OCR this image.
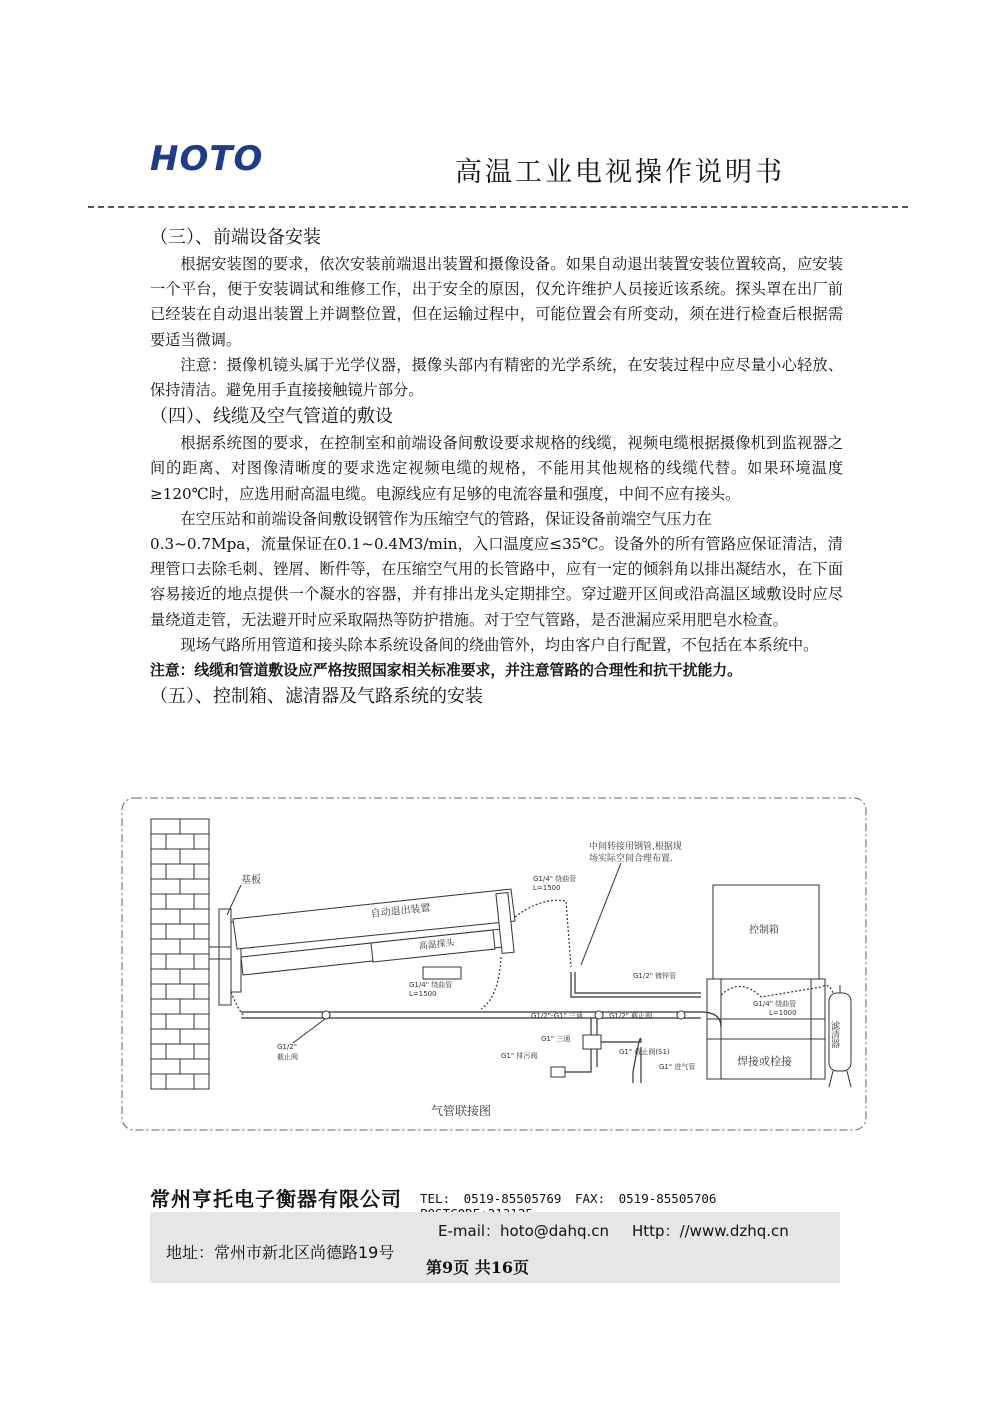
HOTO	高温工业电视操作说明书

（三）、前端设备安装

根据安装图的要求，依次安装前端退出装置和摄像设备。如果自动退出装置安装位置较高，应安装一个平台，便于安装调试和维修工作，出于安全的原因，仅允许维护人员接近该系统。探头罩在出厂前已经装在自动退出装置上并调整位置，但在运输过程中，可能位置会有所变动，须在进行检查后根据需要适当微调。

注意：摄像机镜头属于光学仪器，摄像头部内有精密的光学系统，在安装过程中应尽量小心轻放、保持清洁。避免用手直接接触镜片部分。

（四）、线缆及空气管道的敷设

根据系统图的要求，在控制室和前端设备间敷设要求规格的线缆，视频电缆根据摄像机到监视器之间的距离、对图像清晰度的要求选定视频电缆的规格，不能用其他规格的线缆代替。如果环境温度≥120℃时，应选用耐高温电缆。电源线应有足够的电流容量和强度，中间不应有接头。

在空压站和前端设备间敷设钢管作为压缩空气的管路，保证设备前端空气压力在

0.3~0.7Mpa，流量保证在0.1~0.4M3/min，入口温度应≤35℃。设备外的所有管路应保证清洁，清理管口去除毛刺、锉屑、断件等，在压缩空气用的长管路中，应有一定的倾斜角以排出凝结水，在下面容易接近的地点提供一个凝水的容器，并有排出龙头定期排空。穿过避开区间或沿高温区域敷设时应尽量绕道走管，无法避开时应采取隔热等防护措施。对于空气管路，是否泄漏应采用肥皂水检查。

现场气路所用管道和接头除本系统设备间的绕曲管外，均由客户自行配置，不包括在本系统中。

注意：线缆和管道敷设应严格按照国家相关标准要求，并注意管路的合理性和抗干扰能力。

（五）、控制箱、滤清器及气路系统的安装

自动退出装置
高温探头
基板
控制箱
焊接或栓接
滤清器
中间转接用钢管,根据现
场实际空间合理布置.
G1/4" 绕曲管
L=1500
G1/4" 绕曲管
L=1500
G1/2" 镀锌管
G1/4" 绕曲管
L=1000
G1/2"-G1" 三通	G1/2" 截止阀
G1" 三通
G1" 排污阀	G1" 截止阀(S1)
G1" 进气管
G1/2"
截止阀
气管联接图
常州亨托电子衡器有限公司 TEL: 0519-85505769 FAX: 0519-85505706
E-mail：hoto@dahq.cn Http：//www.dzhq.cn
地址：常州市新北区尚德路19号
第9页 共16页
